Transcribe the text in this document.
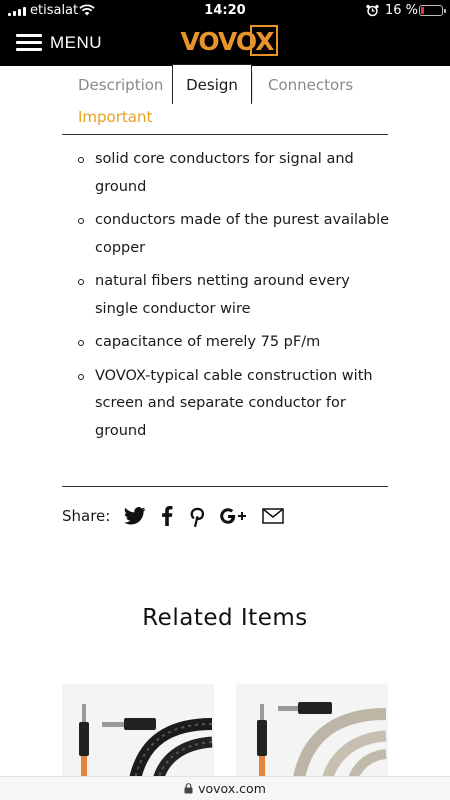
etisalat	14:20	16 %
MENU	VOVOX
Description	Design	Connectors
Important
solid core conductors for signal and ground
conductors made of the purest available copper
natural fibers netting around every single conductor wire
capacitance of merely 75 pF/m
VOVOX-typical cable construction with screen and separate conductor for ground
Share:
Related Items
vovox.com
